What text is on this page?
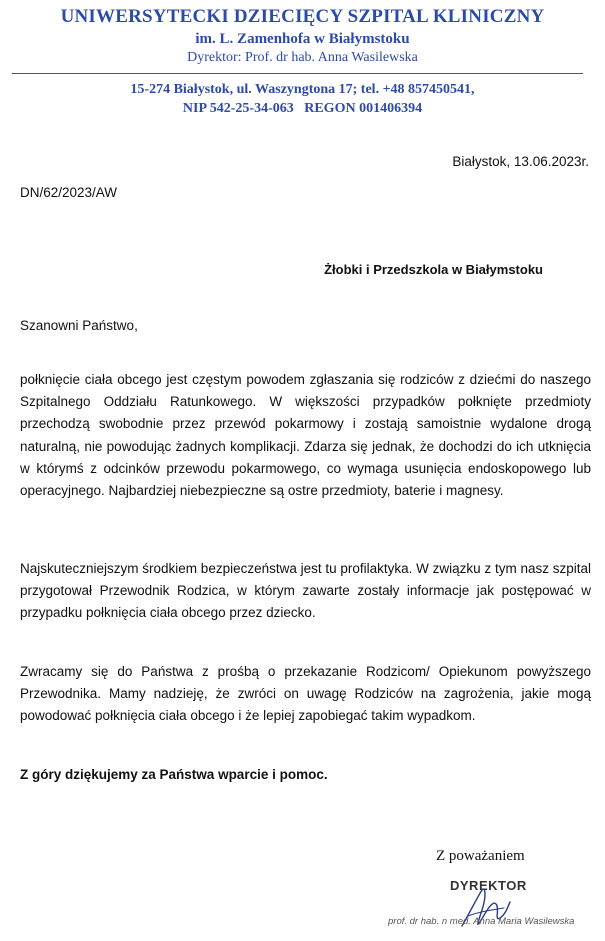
UNIWERSYTECKI DZIECIĘCY SZPITAL KLINICZNY
im. L. Zamenhofa w Białymstoku
Dyrektor: Prof. dr hab. Anna Wasilewska
15-274 Białystok, ul. Waszyngtona 17; tel. +48 857450541,
NIP 542-25-34-063   REGON 001406394
Białystok, 13.06.2023r.
DN/62/2023/AW
Żłobki i Przedszkola w Białymstoku
Szanowni Państwo,
połknięcie ciała obcego jest częstym powodem zgłaszania się rodziców z dziećmi do naszego Szpitalnego Oddziału Ratunkowego. W większości przypadków połknięte przedmioty przechodzą swobodnie przez przewód pokarmowy i zostają samoistnie wydalone drogą naturalną, nie powodując żadnych komplikacji. Zdarza się jednak, że dochodzi do ich utknięcia w którymś z odcinków przewodu pokarmowego, co wymaga usunięcia endoskopowego lub operacyjnego. Najbardziej niebezpieczne są ostre przedmioty, baterie i magnesy.
Najskuteczniejszym środkiem bezpieczeństwa jest tu profilaktyka. W związku z tym nasz szpital przygotował Przewodnik Rodzica, w którym zawarte zostały informacje jak postępować w przypadku połknięcia ciała obcego przez dziecko.
Zwracamy się do Państwa z prośbą o przekazanie Rodzicom/ Opiekunom powyższego Przewodnika. Mamy nadzieję, że zwróci on uwagę Rodziców na zagrożenia, jakie mogą powodować połknięcia ciała obcego i że lepiej zapobiegać takim wypadkom.
Z góry dziękujemy za Państwa wparcie i pomoc.
Z poważaniem
DYREKTOR
prof. dr hab. n med. Anna Maria Wasilewska
